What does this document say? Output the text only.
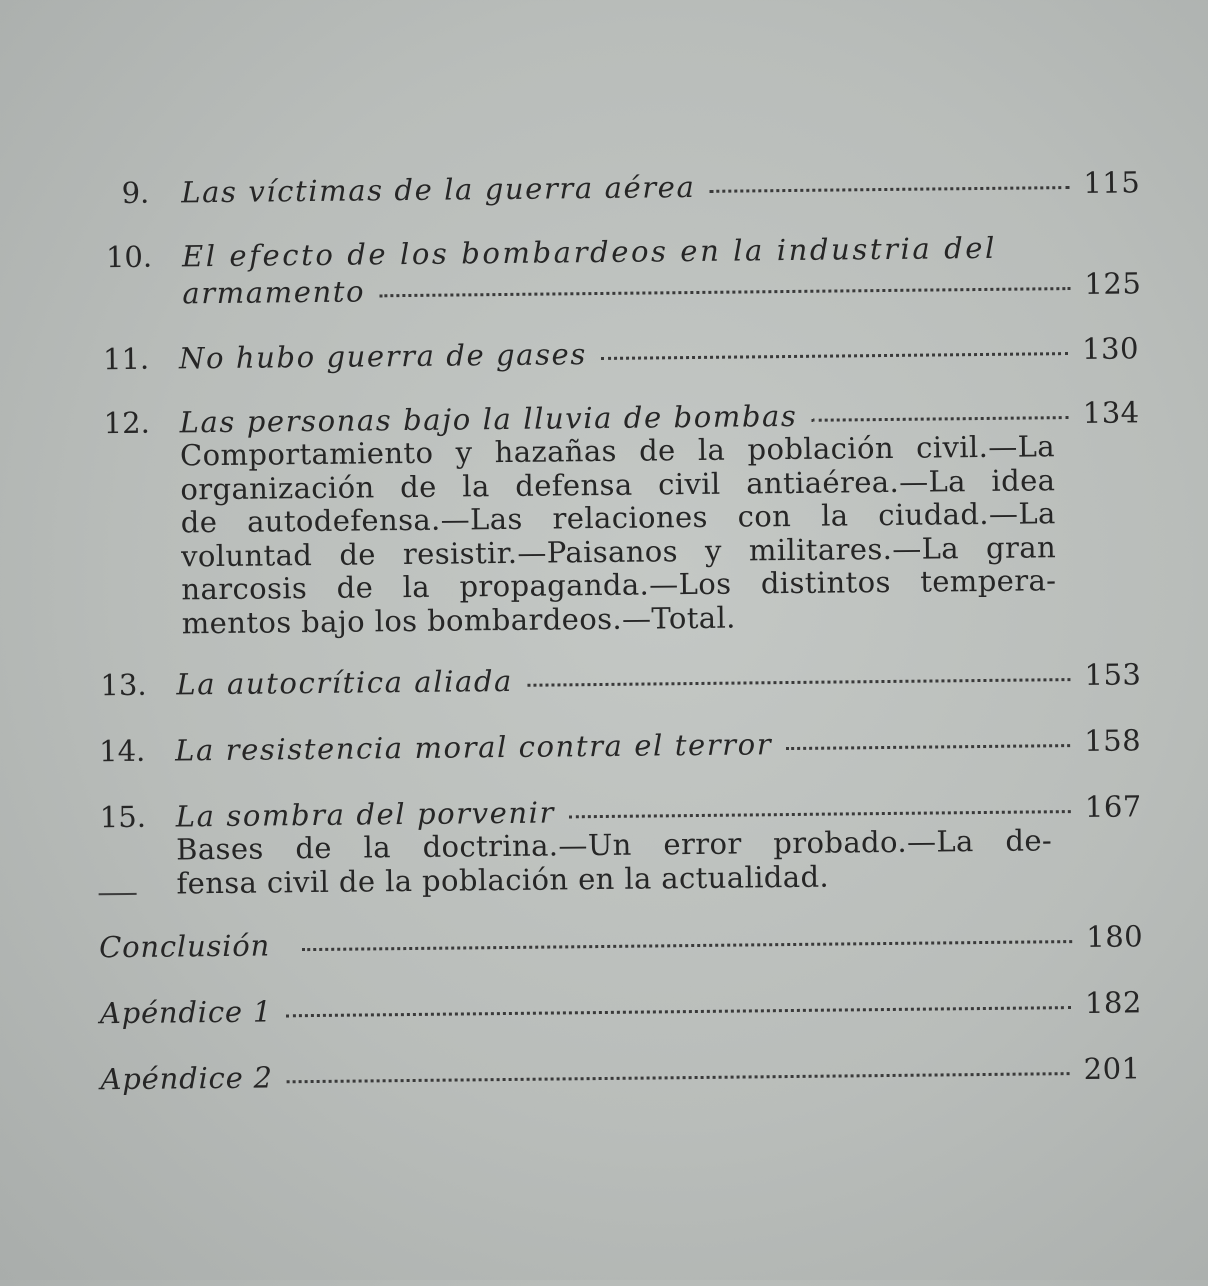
9. Las víctimas de la guerra aérea	115
10. El efecto de los bombardeos en la industria del
armamento	125
11. No hubo guerra de gases	130
12. Las personas bajo la lluvia de bombas	134
Comportamiento y hazañas de la población civil.—La
organización de la defensa civil antiaérea.—La idea
de autodefensa.—Las relaciones con la ciudad.—La
voluntad de resistir.—Paisanos y militares.—La gran
narcosis de la propaganda.—Los distintos tempera-
mentos bajo los bombardeos.—Total.
13. La autocrítica aliada	153
14. La resistencia moral contra el terror	158
15. La sombra del porvenir	167
Bases de la doctrina.—Un error probado.—La de-
fensa civil de la población en la actualidad.
Conclusión	180
Apéndice 1	182
Apéndice 2	201
